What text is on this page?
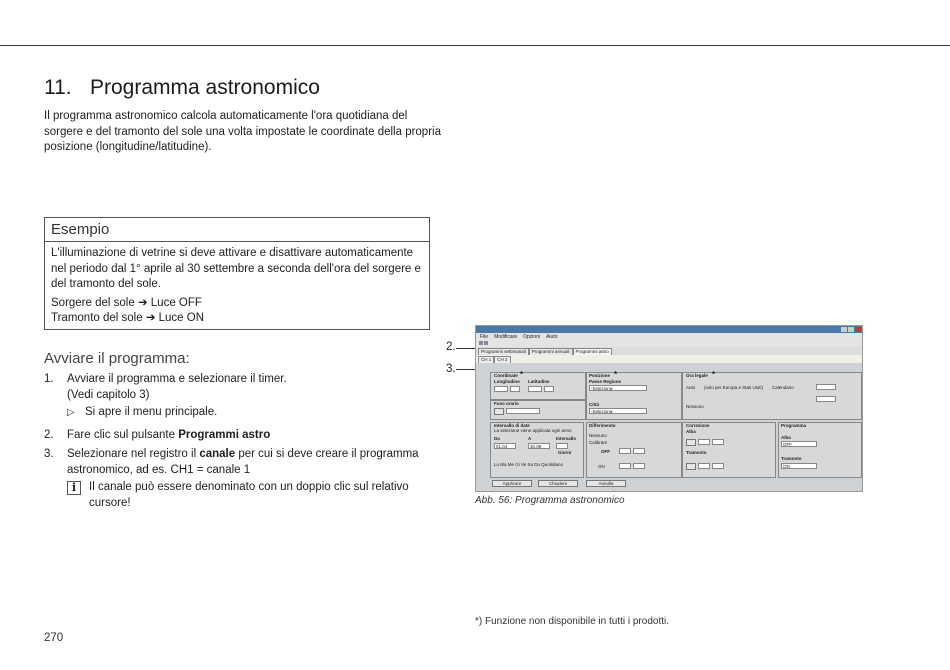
11. Programma astronomico
Il programma astronomico calcola automaticamente l'ora quotidiana del sorgere e del tramonto del sole una volta impostate le coordinate della propria posizione (longitudine/latitudine).
Esempio

L'illuminazione di vetrine si deve attivare e disattivare automaticamente nel periodo dal 1° aprile al 30 settembre a seconda dell'ora del sorgere e del tramonto del sole.

Sorgere del sole ➔ Luce OFF

Tramonto del sole ➔ Luce ON

Avviare il programma:
1. Avviare il programma e selezionare il timer.
(Vedi capitolo 3)
▷ Si apre il menu principale.
2. Fare clic sul pulsante Programmi astro
3. Selezionare nel registro il canale per cui si deve creare il programma astronomico, ad es. CH1 = canale 1
i	Il canale può essere denominato con un doppio clic sul relativo cursore!
2.
3.
File Modificare Opzioni Aiuto
Programmi settimanali	Programmi annuali	Programmi astro
CH 1	CH 2
Coordinate *
Longitudine Latitudine
Fuso orario
Posizione *
Paese Regione
-Seleziona-
Città
-Seleziona-
Ora legale *
Auto (solo per Europa e Stati Uniti) Calendario
Nessuno
Intervallo di date
La selezione viene applicata ogni anno
Da	A	Intervallo
01.04	30.09
Giorni
Lu Ma Me Gi Ve Sa Do Quotidiano
Differimento
Nessuno
Calibrare
OFF
ON
Correzione
Alba
Tramonto
Programma
Alba
OFF
Tramonto
ON
Applicare	Chiudere	Annulla
Abb. 56: Programma astronomico
*) Funzione non disponibile in tutti i prodotti.
270
